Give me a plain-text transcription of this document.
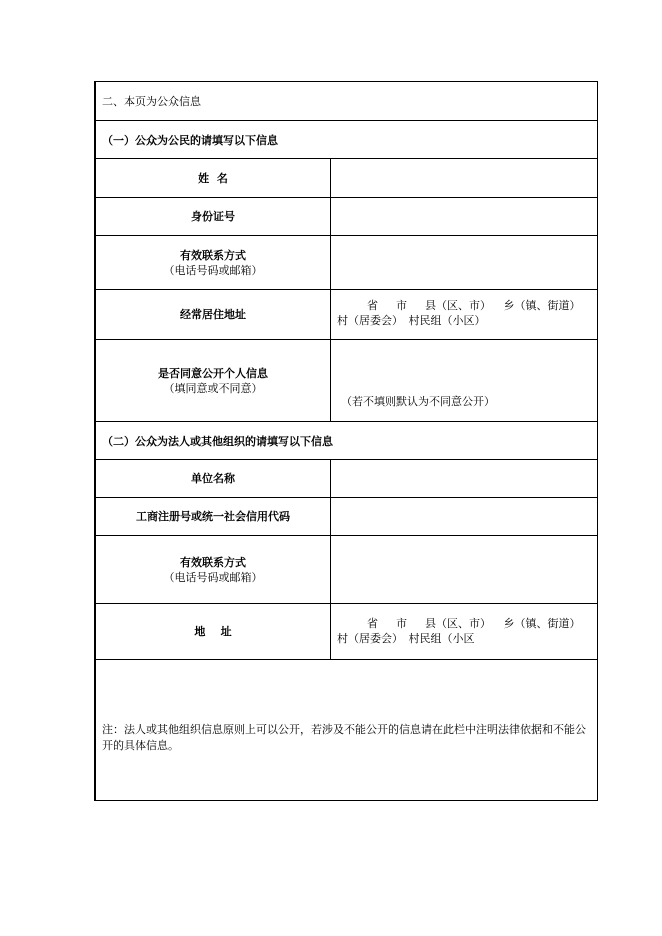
二、本页为公众信息
（一）公众为公民的请填写以下信息
姓  名
身份证号
有效联系方式
（电话号码或邮箱）
经常居住地址
省　  市　  县（区、市）　  乡（镇、街道）
村（居委会）　村民组（小区）
是否同意公开个人信息
（填同意或不同意）
（若不填则默认为不同意公开）
（二）公众为法人或其他组织的请填写以下信息
单位名称
工商注册号或统一社会信用代码
有效联系方式
（电话号码或邮箱）
地    址
省　  市　  县（区、市）　  乡（镇、街道）
村（居委会）　村民组（小区
注：法人或其他组织信息原则上可以公开，若涉及不能公开的信息请在此栏中注明法律依据和不能公开的具体信息。
